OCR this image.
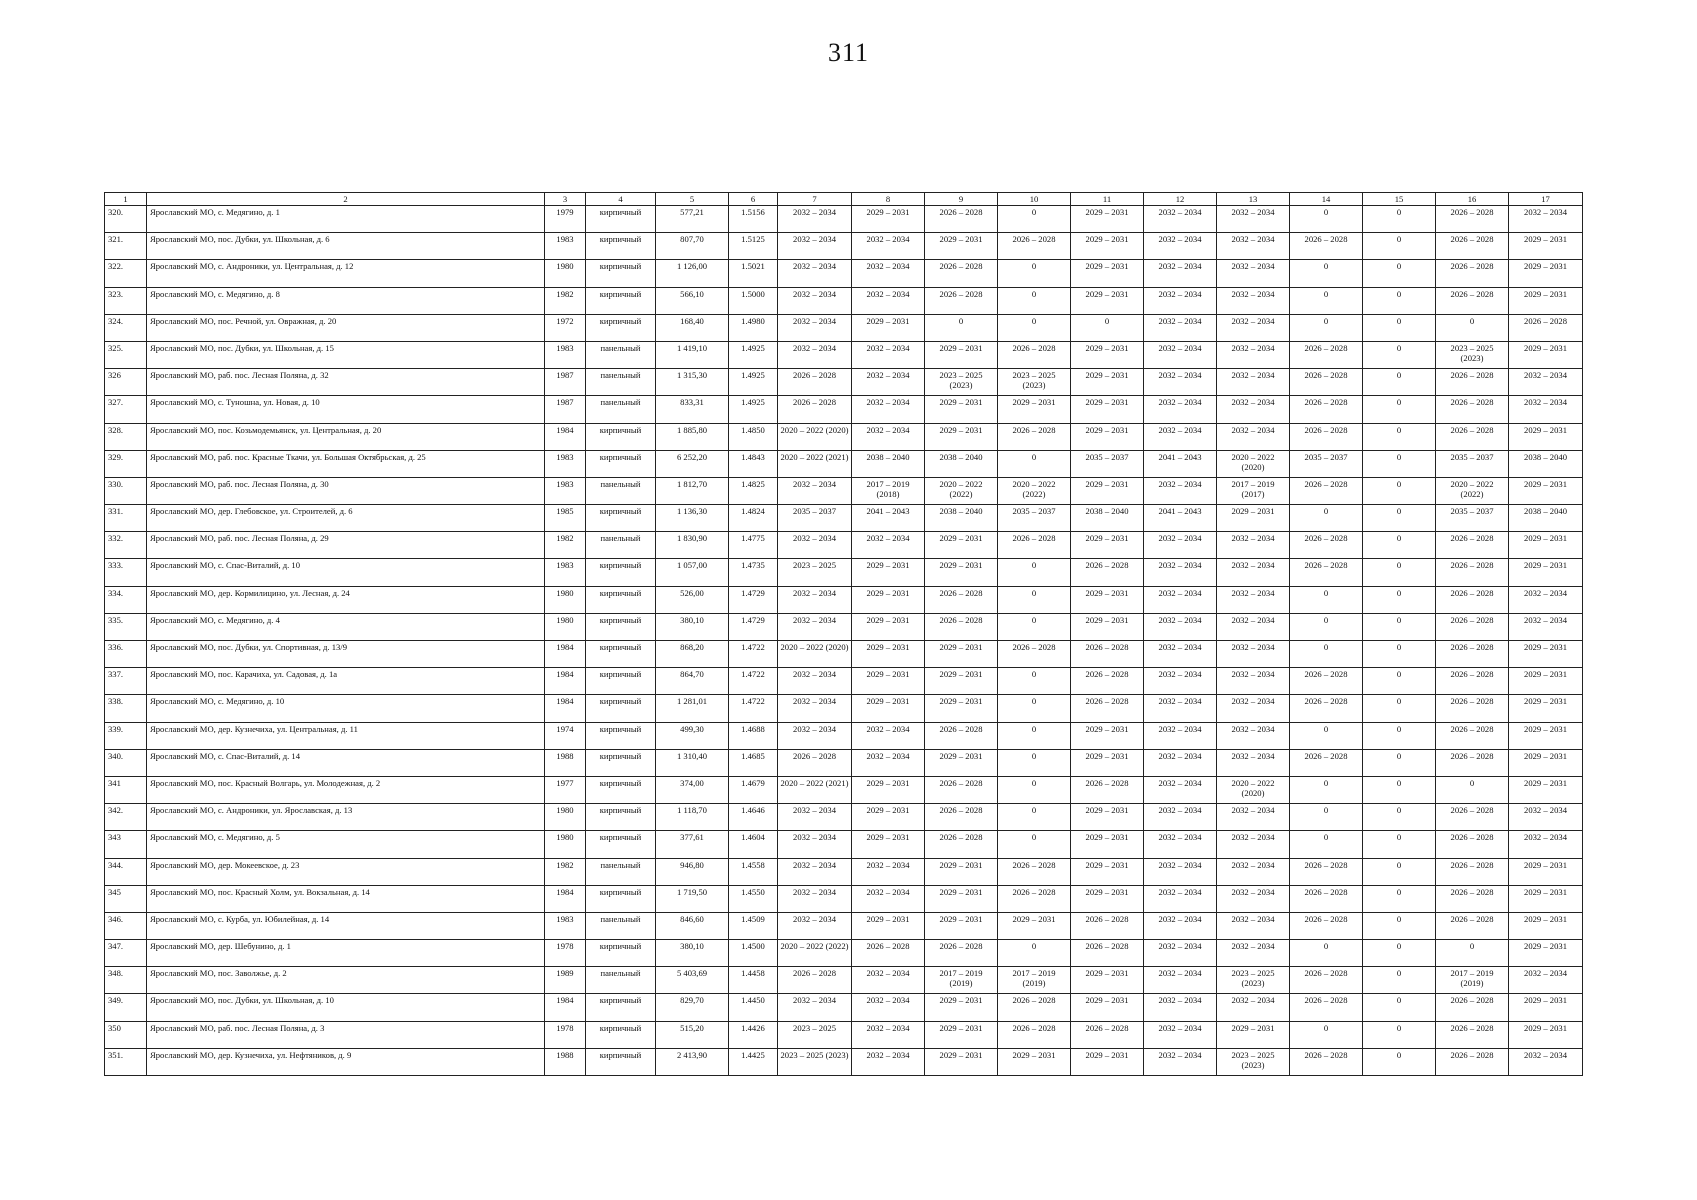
311
1	2	3	4	5	6	7	8	9	10	11	12	13	14	15	16	17
320.	Ярославский МО, с. Медягино, д. 1	1979	кирпичный	577,21	1.5156	2032 – 2034	2029 – 2031	2026 – 2028	0	2029 – 2031	2032 – 2034	2032 – 2034	0	0	2026 – 2028	2032 – 2034
321.	Ярославский МО, пос. Дубки, ул. Школьная, д. 6	1983	кирпичный	807,70	1.5125	2032 – 2034	2032 – 2034	2029 – 2031	2026 – 2028	2029 – 2031	2032 – 2034	2032 – 2034	2026 – 2028	0	2026 – 2028	2029 – 2031
322.	Ярославский МО, с. Андроники, ул. Центральная, д. 12	1980	кирпичный	1 126,00	1.5021	2032 – 2034	2032 – 2034	2026 – 2028	0	2029 – 2031	2032 – 2034	2032 – 2034	0	0	2026 – 2028	2029 – 2031
323.	Ярославский МО, с. Медягино, д. 8	1982	кирпичный	566,10	1.5000	2032 – 2034	2032 – 2034	2026 – 2028	0	2029 – 2031	2032 – 2034	2032 – 2034	0	0	2026 – 2028	2029 – 2031
324.	Ярославский МО, пос. Речной, ул. Овражная, д. 20	1972	кирпичный	168,40	1.4980	2032 – 2034	2029 – 2031	0	0	0	2032 – 2034	2032 – 2034	0	0	0	2026 – 2028
325.	Ярославский МО, пос. Дубки, ул. Школьная, д. 15	1983	панельный	1 419,10	1.4925	2032 – 2034	2032 – 2034	2029 – 2031	2026 – 2028	2029 – 2031	2032 – 2034	2032 – 2034	2026 – 2028	0	2023 – 2025 (2023)	2029 – 2031
326	Ярославский МО, раб. пос. Лесная Поляна, д. 32	1987	панельный	1 315,30	1.4925	2026 – 2028	2032 – 2034	2023 – 2025 (2023)	2023 – 2025 (2023)	2029 – 2031	2032 – 2034	2032 – 2034	2026 – 2028	0	2026 – 2028	2032 – 2034
327.	Ярославский МО, с. Туношна, ул. Новая, д. 10	1987	панельный	833,31	1.4925	2026 – 2028	2032 – 2034	2029 – 2031	2029 – 2031	2029 – 2031	2032 – 2034	2032 – 2034	2026 – 2028	0	2026 – 2028	2032 – 2034
328.	Ярославский МО, пос. Козьмодемьянск, ул. Центральная, д. 20	1984	кирпичный	1 885,80	1.4850	2020 – 2022 (2020)	2032 – 2034	2029 – 2031	2026 – 2028	2029 – 2031	2032 – 2034	2032 – 2034	2026 – 2028	0	2026 – 2028	2029 – 2031
329.	Ярославский МО, раб. пос. Красные Ткачи, ул. Большая Октябрьская, д. 25	1983	кирпичный	6 252,20	1.4843	2020 – 2022 (2021)	2038 – 2040	2038 – 2040	0	2035 – 2037	2041 – 2043	2020 – 2022 (2020)	2035 – 2037	0	2035 – 2037	2038 – 2040
330.	Ярославский МО, раб. пос. Лесная Поляна, д. 30	1983	панельный	1 812,70	1.4825	2032 – 2034	2017 – 2019 (2018)	2020 – 2022 (2022)	2020 – 2022 (2022)	2029 – 2031	2032 – 2034	2017 – 2019 (2017)	2026 – 2028	0	2020 – 2022 (2022)	2029 – 2031
331.	Ярославский МО, дер. Глебовское, ул. Строителей, д. 6	1985	кирпичный	1 136,30	1.4824	2035 – 2037	2041 – 2043	2038 – 2040	2035 – 2037	2038 – 2040	2041 – 2043	2029 – 2031	0	0	2035 – 2037	2038 – 2040
332.	Ярославский МО, раб. пос. Лесная Поляна, д. 29	1982	панельный	1 830,90	1.4775	2032 – 2034	2032 – 2034	2029 – 2031	2026 – 2028	2029 – 2031	2032 – 2034	2032 – 2034	2026 – 2028	0	2026 – 2028	2029 – 2031
333.	Ярославский МО, с. Спас-Виталий, д. 10	1983	кирпичный	1 057,00	1.4735	2023 – 2025	2029 – 2031	2029 – 2031	0	2026 – 2028	2032 – 2034	2032 – 2034	2026 – 2028	0	2026 – 2028	2029 – 2031
334.	Ярославский МО, дер. Кормилицино, ул. Лесная, д. 24	1980	кирпичный	526,00	1.4729	2032 – 2034	2029 – 2031	2026 – 2028	0	2029 – 2031	2032 – 2034	2032 – 2034	0	0	2026 – 2028	2032 – 2034
335.	Ярославский МО, с. Медягино, д. 4	1980	кирпичный	380,10	1.4729	2032 – 2034	2029 – 2031	2026 – 2028	0	2029 – 2031	2032 – 2034	2032 – 2034	0	0	2026 – 2028	2032 – 2034
336.	Ярославский МО, пос. Дубки, ул. Спортивная, д. 13/9	1984	кирпичный	868,20	1.4722	2020 – 2022 (2020)	2029 – 2031	2029 – 2031	2026 – 2028	2026 – 2028	2032 – 2034	2032 – 2034	0	0	2026 – 2028	2029 – 2031
337.	Ярославский МО, пос. Карачиха, ул. Садовая, д. 1а	1984	кирпичный	864,70	1.4722	2032 – 2034	2029 – 2031	2029 – 2031	0	2026 – 2028	2032 – 2034	2032 – 2034	2026 – 2028	0	2026 – 2028	2029 – 2031
338.	Ярославский МО, с. Медягино, д. 10	1984	кирпичный	1 281,01	1.4722	2032 – 2034	2029 – 2031	2029 – 2031	0	2026 – 2028	2032 – 2034	2032 – 2034	2026 – 2028	0	2026 – 2028	2029 – 2031
339.	Ярославский МО, дер. Кузнечиха, ул. Центральная, д. 11	1974	кирпичный	499,30	1.4688	2032 – 2034	2032 – 2034	2026 – 2028	0	2029 – 2031	2032 – 2034	2032 – 2034	0	0	2026 – 2028	2029 – 2031
340.	Ярославский МО, с. Спас-Виталий, д. 14	1988	кирпичный	1 310,40	1.4685	2026 – 2028	2032 – 2034	2029 – 2031	0	2029 – 2031	2032 – 2034	2032 – 2034	2026 – 2028	0	2026 – 2028	2029 – 2031
341	Ярославский МО, пос. Красный Волгарь, ул. Молодежная, д. 2	1977	кирпичный	374,00	1.4679	2020 – 2022 (2021)	2029 – 2031	2026 – 2028	0	2026 – 2028	2032 – 2034	2020 – 2022 (2020)	0	0	0	2029 – 2031
342.	Ярославский МО, с. Андроники, ул. Ярославская, д. 13	1980	кирпичный	1 118,70	1.4646	2032 – 2034	2029 – 2031	2026 – 2028	0	2029 – 2031	2032 – 2034	2032 – 2034	0	0	2026 – 2028	2032 – 2034
343	Ярославский МО, с. Медягино, д. 5	1980	кирпичный	377,61	1.4604	2032 – 2034	2029 – 2031	2026 – 2028	0	2029 – 2031	2032 – 2034	2032 – 2034	0	0	2026 – 2028	2032 – 2034
344.	Ярославский МО, дер. Мокеевское, д. 23	1982	панельный	946,80	1.4558	2032 – 2034	2032 – 2034	2029 – 2031	2026 – 2028	2029 – 2031	2032 – 2034	2032 – 2034	2026 – 2028	0	2026 – 2028	2029 – 2031
345	Ярославский МО, пос. Красный Холм, ул. Вокзальная, д. 14	1984	кирпичный	1 719,50	1.4550	2032 – 2034	2032 – 2034	2029 – 2031	2026 – 2028	2029 – 2031	2032 – 2034	2032 – 2034	2026 – 2028	0	2026 – 2028	2029 – 2031
346.	Ярославский МО, с. Курба, ул. Юбилейная, д. 14	1983	панельный	846,60	1.4509	2032 – 2034	2029 – 2031	2029 – 2031	2029 – 2031	2026 – 2028	2032 – 2034	2032 – 2034	2026 – 2028	0	2026 – 2028	2029 – 2031
347.	Ярославский МО, дер. Шебунино, д. 1	1978	кирпичный	380,10	1.4500	2020 – 2022 (2022)	2026 – 2028	2026 – 2028	0	2026 – 2028	2032 – 2034	2032 – 2034	0	0	0	2029 – 2031
348.	Ярославский МО, пос. Заволжье, д. 2	1989	панельный	5 403,69	1.4458	2026 – 2028	2032 – 2034	2017 – 2019 (2019)	2017 – 2019 (2019)	2029 – 2031	2032 – 2034	2023 – 2025 (2023)	2026 – 2028	0	2017 – 2019 (2019)	2032 – 2034
349.	Ярославский МО, пос. Дубки, ул. Школьная, д. 10	1984	кирпичный	829,70	1.4450	2032 – 2034	2032 – 2034	2029 – 2031	2026 – 2028	2029 – 2031	2032 – 2034	2032 – 2034	2026 – 2028	0	2026 – 2028	2029 – 2031
350	Ярославский МО, раб. пос. Лесная Поляна, д. 3	1978	кирпичный	515,20	1.4426	2023 – 2025	2032 – 2034	2029 – 2031	2026 – 2028	2026 – 2028	2032 – 2034	2029 – 2031	0	0	2026 – 2028	2029 – 2031
351.	Ярославский МО, дер. Кузнечиха, ул. Нефтяников, д. 9	1988	кирпичный	2 413,90	1.4425	2023 – 2025 (2023)	2032 – 2034	2029 – 2031	2029 – 2031	2029 – 2031	2032 – 2034	2023 – 2025 (2023)	2026 – 2028	0	2026 – 2028	2032 – 2034
